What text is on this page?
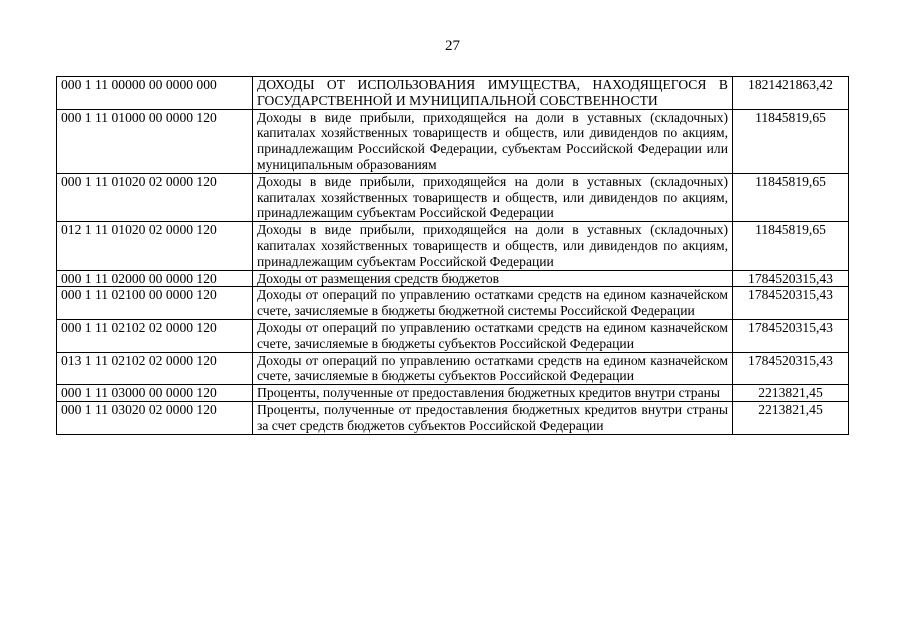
27
000 1 11 00000 00 0000 000	ДОХОДЫ ОТ ИСПОЛЬЗОВАНИЯ ИМУЩЕСТВА, НАХОДЯЩЕГОСЯ В ГОСУДАРСТВЕННОЙ И МУНИЦИПАЛЬНОЙ СОБСТВЕННОСТИ	1821421863,42
000 1 11 01000 00 0000 120	Доходы в виде прибыли, приходящейся на доли в уставных (складочных) капиталах хозяйственных товариществ и обществ, или дивидендов по акциям, принадлежащим Российской Федерации, субъектам Российской Федерации или муниципальным образованиям	11845819,65
000 1 11 01020 02 0000 120	Доходы в виде прибыли, приходящейся на доли в уставных (складочных) капиталах хозяйственных товариществ и обществ, или дивидендов по акциям, принадлежащим субъектам Российской Федерации	11845819,65
012 1 11 01020 02 0000 120	Доходы в виде прибыли, приходящейся на доли в уставных (складочных) капиталах хозяйственных товариществ и обществ, или дивидендов по акциям, принадлежащим субъектам Российской Федерации	11845819,65
000 1 11 02000 00 0000 120	Доходы от размещения средств бюджетов	1784520315,43
000 1 11 02100 00 0000 120	Доходы от операций по управлению остатками средств на едином казначейском счете, зачисляемые в бюджеты бюджетной системы Российской Федерации	1784520315,43
000 1 11 02102 02 0000 120	Доходы от операций по управлению остатками средств на едином казначейском счете, зачисляемые в бюджеты субъектов Российской Федерации	1784520315,43
013 1 11 02102 02 0000 120	Доходы от операций по управлению остатками средств на едином казначейском счете, зачисляемые в бюджеты субъектов Российской Федерации	1784520315,43
000 1 11 03000 00 0000 120	Проценты, полученные от предоставления бюджетных кредитов внутри страны	2213821,45
000 1 11 03020 02 0000 120	Проценты, полученные от предоставления бюджетных кредитов внутри страны за счет средств бюджетов субъектов Российской Федерации	2213821,45
